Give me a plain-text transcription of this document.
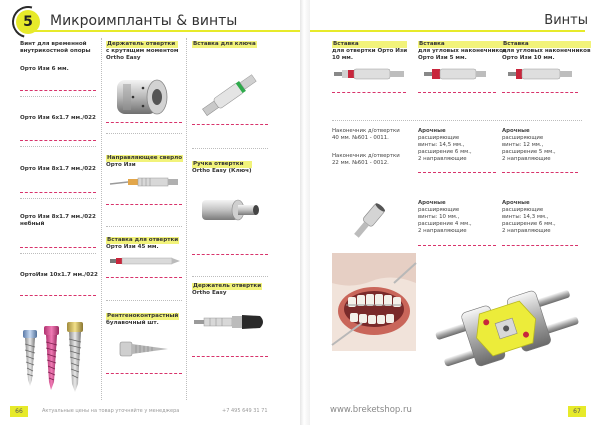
5	Микроимпланты & винты
Винт для временной
внутрикостной опоры
Орто Изи 6 мм.
Орто Изи 6x1.7 мм./022
Орто Изи 8x1.7 мм./022
Орто Изи 8x1.7 мм./022
небный
ОртоИзи 10x1.7 мм./022
Держатель отвертки
с крутящим моментом
Ortho Easy
Направляющее сверло
Орто Изи
Вставка для отвертки
Орто Изи 45 мм.
Рентгеноконтрастный
булавочный шт.
Вставка для ключа
Ручка отвертки
Ortho Easy (Ключ)
Держатель отвертки
Ortho Easy
66	Актуальные цены на товар уточняйте у менеджера	+7 495 649 31 71
Винты
Вставка
для отвертки Орто Изи
10 мм.
Вставка
для угловых наконечников
Орто Изи 5 мм.
Вставка
для угловых наконечников
Орто Изи 10 мм.
Наконечник д/отвертки
40 мм. №601 - 0011.
Наконечник д/отвертки
22 мм. №601 - 0012.
Арочные
расширяющие
винты: 14,5 мм.,
расширение 6 мм.,
2 направляющие
Арочные
расширяющие
винты: 12 мм.,
расширение 5 мм.,
2 направляющие
Арочные
расширяющие
винты: 10 мм.,
расширение 4 мм.,
2 направляющие
Арочные
расширяющие
винты: 14,3 мм.,
расширение 6 мм.,
2 направляющие
www.breketshop.ru	67
